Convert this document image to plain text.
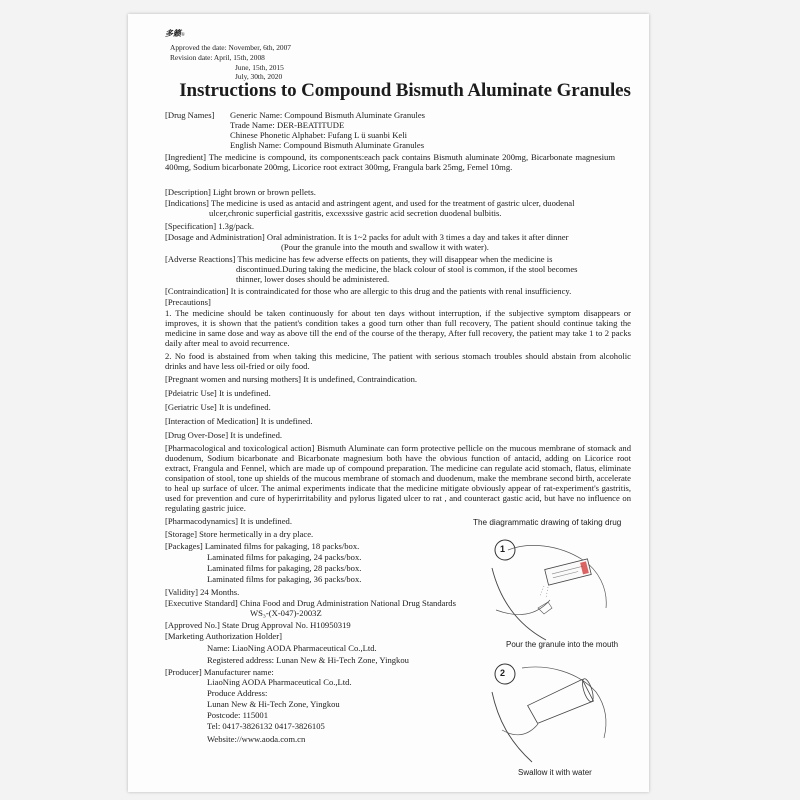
多籁®
Approved the date: November, 6th, 2007
Revision date: April, 15th, 2008
June, 15th, 2015
July, 30th, 2020
Instructions to Compound Bismuth Aluminate Granules
[Drug Names] Generic Name: Compound Bismuth Aluminate Granules
Trade Name: DER-BEATITUDE
Chinese Phonetic Alphabet: Fufang L ü suanbi Keli
English Name: Compound Bismuth Aluminate Granules
[Ingredient] The medicine is compound, its components:each pack contains Bismuth aluminate 200mg, Bicarbonate magnesium 400mg, Sodium bicarbonate 200mg, Licorice root extract 300mg, Frangula bark 25mg, Femel 10mg.
[Description] Light brown or brown pellets.
[Indications] The medicine is used as antacid and astringent agent, and used for the treatment of gastric ulcer, duodenal
ulcer,chronic superficial gastritis, excexssive gastric acid secretion duodenal bulbitis.
[Specification] 1.3g/pack.
[Dosage and Administration] Oral administration. It is 1~2 packs for adult with 3 times a day and takes it after dinner
(Pour the granule into the mouth and swallow it with water).
[Adverse Reactions] This medicine has few adverse effects on patients, they will disappear when the medicine is
discontinued.During taking the medicine, the black colour of stool is common, if the stool becomes
thinner, lower doses should be administered.
[Contraindication] It is contraindicated for those who are allergic to this drug and the patients with renal insufficiency.
[Precautions]
1. The medicine should be taken continuously for about ten days without interruption, if the subjective symptom disappears or improves, it is shown that the patient's condition takes a good turn other than full recovery, The patient should continue taking the medicine in same dose and way as above till the end of the course of the therapy, After full recovery, the patient may take 1 to 2 packs daily after meal to avoid recurrence.
2. No food is abstained from when taking this medicine, The patient with serious stomach troubles should abstain from alcoholic drinks and have less oil-fried or oily food.
[Pregnant women and nursing mothers] It is undefined, Contraindication.
[Pdeiatric Use] It is undefined.
[Geriatric Use] It is undefined.
[Interaction of Medication] It is undefined.
[Drug Over-Dose] It is undefined.
[Pharmacological and toxicological action] Bismuth Aluminate can form protective pellicle on the mucous membrane of stomack and duodenum, Sodium bicarbonate and Bicarbonate magnesium both have the obvious function of antacid, adding on Licorice root extract, Frangula and Fennel, which are made up of compound preparation. The medicine can regulate acid stomach, flatus, eliminate consipation of stool, tone up shields of the mucous membrane of stomach and duodenum, make the membrane second birth, accelerate to heal up surface of ulcer. The animal experiments indicate that the medicine mitigate obviously appear of rat-experiment's gastritis, used for prevention and cure of hyperirritability and pylorus ligated ulcer to rat , and counteract gastic acid, but have no influence on regulating gastric juice.
[Pharmacodynamics] It is undefined.
[Storage] Store hermetically in a dry place.
[Packages] Laminated films for pakaging, 18 packs/box.
Laminated films for pakaging, 24 packs/box.
Laminated films for pakaging, 28 packs/box.
Laminated films for pakaging, 36 packs/box.
[Validity] 24 Months.
[Executive Standard] China Food and Drug Administration National Drug Standards
WS₃-(X-047)-2003Z
[Approved No.] State Drug Approval No. H10950319
[Marketing Authorization Holder]
Name: LiaoNing AODA Pharmaceutical Co.,Ltd.
Registered address: Lunan New & Hi-Tech Zone, Yingkou
[Producer] Manufacturer name:
LiaoNing AODA Pharmaceutical Co.,Ltd.
Produce Address:
Lunan New & Hi-Tech Zone, Yingkou
Postcode: 115001
Tel: 0417-3826132 0417-3826105
Website://www.aoda.com.cn
The diagrammatic drawing of taking drug
1
Pour the granule into the mouth
2
Swallow it with water
